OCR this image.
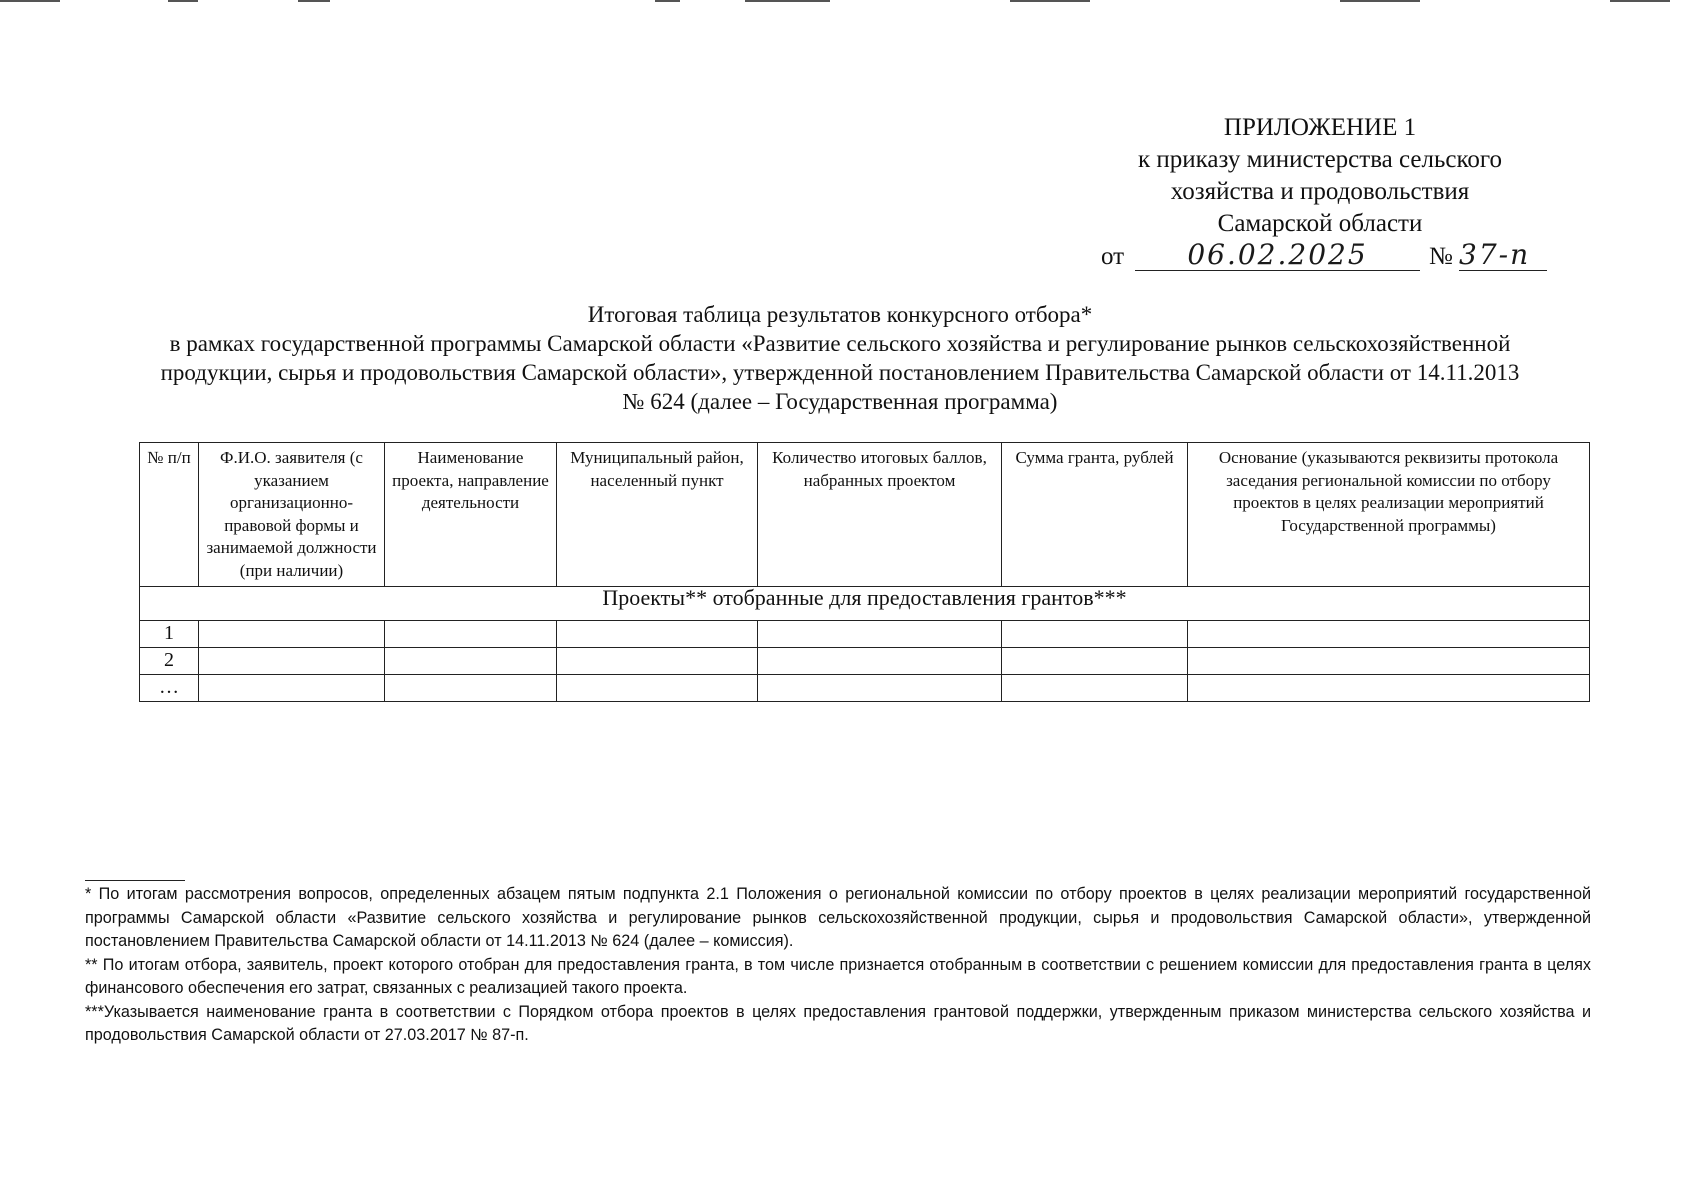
ПРИЛОЖЕНИЕ 1
к приказу министерства сельского
хозяйства и продовольствия
Самарской области
от	06.02.2025	№ 37-п
Итоговая таблица результатов конкурсного отбора*
в рамках государственной программы Самарской области «Развитие сельского хозяйства и регулирование рынков сельскохозяйственной
продукции, сырья и продовольствия Самарской области», утвержденной постановлением Правительства Самарской области от 14.11.2013
№ 624 (далее – Государственная программа)
№ п/п	Ф.И.О. заявителя (с указанием организационно-правовой формы и занимаемой должности (при наличии)	Наименование проекта, направление деятельности	Муниципальный район, населенный пункт	Количество итоговых баллов, набранных проектом	Сумма гранта, рублей	Основание (указываются реквизиты протокола заседания региональной комиссии по отбору проектов в целях реализации мероприятий Государственной программы)
Проекты** отобранные для предоставления грантов***						
1						
2						
…						

* По итогам рассмотрения вопросов, определенных абзацем пятым подпункта 2.1 Положения о региональной комиссии по отбору проектов в целях реализации мероприятий государственной программы Самарской области «Развитие сельского хозяйства и регулирование рынков сельскохозяйственной продукции, сырья и продовольствия Самарской области», утвержденной постановлением Правительства Самарской области от 14.11.2013 № 624 (далее – комиссия).

** По итогам отбора, заявитель, проект которого отобран для предоставления гранта, в том числе признается отобранным в соответствии с решением комиссии для предоставления гранта в целях финансового обеспечения его затрат, связанных с реализацией такого проекта.

***Указывается наименование гранта в соответствии с Порядком отбора проектов в целях предоставления грантовой поддержки, утвержденным приказом министерства сельского хозяйства и продовольствия Самарской области от 27.03.2017 № 87-п.
